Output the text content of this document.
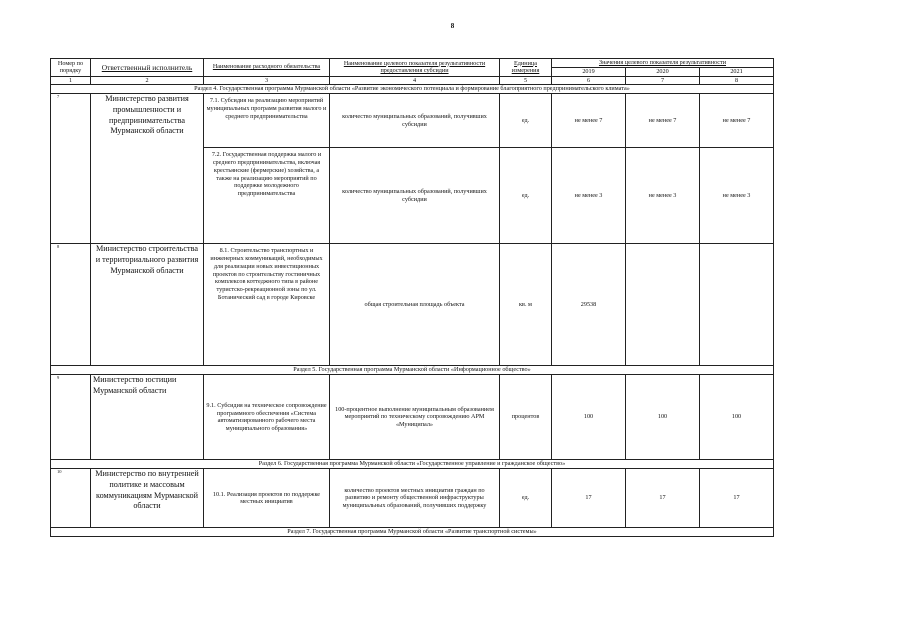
8
Номер по порядку	Ответственный исполнитель	Наименование расходного обязательства	Наименование целевого показателя результативности предоставления субсидии	Единица измерения	Значения целевого показателя результативности		
					2019	2020	2021
1	2	3	4	5	6	7	8
Раздел 4. Государственная программа Мурманской области «Развитие экономического потенциала и формирование благоприятного предпринимательского климата»							
7	Министерство развития промышленности и предпринимательства Мурманской области	7.1. Субсидия на реализацию мероприятий муниципальных программ развития малого и среднего предпринимательства	количество муниципальных образований, получивших субсидии	ед.	не менее 7	не менее 7	не менее 7
		7.2. Государственная поддержка малого и среднего предпринимательства, включая крестьянские (фермерские) хозяйства, а также на реализацию мероприятий по поддержке молодежного предпринимательства	количество муниципальных образований, получивших субсидии	ед.	не менее 3	не менее 3	не менее 3
8	Министерство строительства и территориального развития Мурманской области	8.1. Строительство транспортных и инженерных коммуникаций, необходимых для реализации новых инвестиционных проектов по строительству гостиничных комплексов коттеджного типа в районе туристско-рекреационной зоны по ул. Ботанический сад в городе Кировске	общая строительная площадь объекта	кв. м	29538		
Раздел 5. Государственная программа Мурманской области «Информационное общество»							
9	Министерство юстиции Мурманской области	9.1. Субсидия на техническое сопровождение программного обеспечения «Система автоматизированного рабочего места муниципального образования»	100-процентное выполнение муниципальным образованием мероприятий по техническому сопровождению АРМ «Муниципал»	процентов	100	100	100
Раздел 6. Государственная программа Мурманской области «Государственное управление и гражданское общество»							
10	Министерство по внутренней политике и массовым коммуникациям Мурманской области	10.1. Реализация проектов по поддержке местных инициатив	количество проектов местных инициатив граждан по развитию и ремонту общественной инфраструктуры муниципальных образований, получивших поддержку	ед.	17	17	17
Раздел 7. Государственная программа Мурманской области «Развитие транспортной системы»							
